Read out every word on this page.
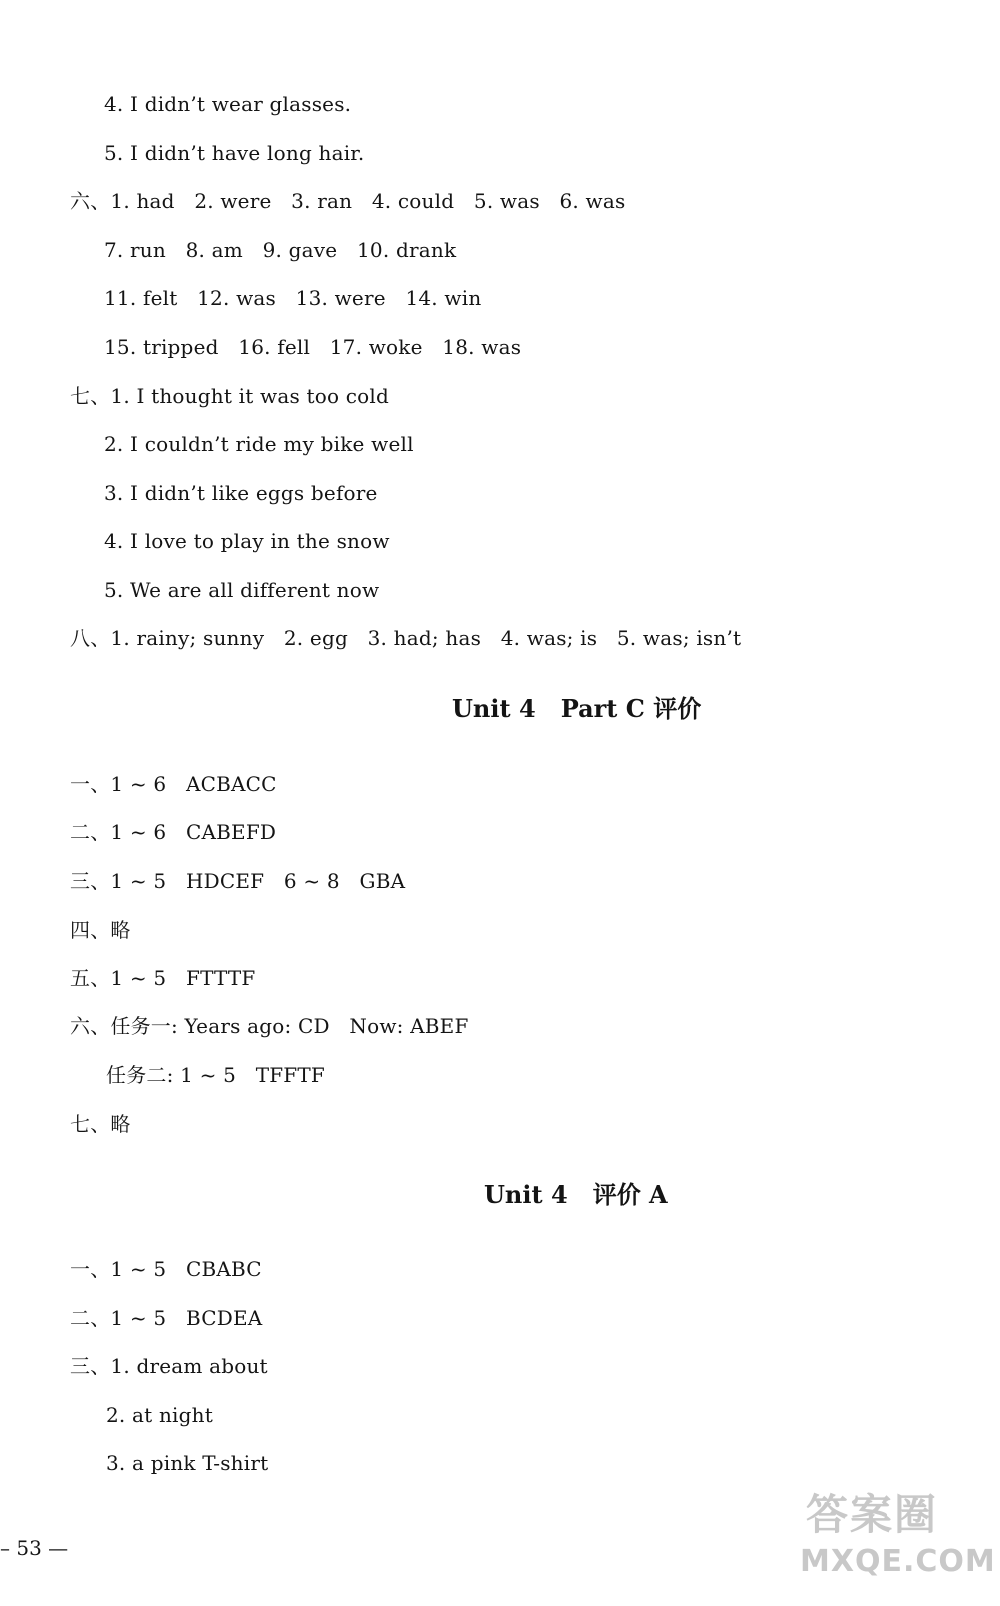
4. I didn’t wear glasses.
5. I didn’t have long hair.
六、1. had   2. were   3. ran   4. could   5. was   6. was
7. run   8. am   9. gave   10. drank
11. felt   12. was   13. were   14. win
15. tripped   16. fell   17. woke   18. was
七、1. I thought it was too cold
2. I couldn’t ride my bike well
3. I didn’t like eggs before
4. I love to play in the snow
5. We are all different now
八、1. rainy; sunny   2. egg   3. had; has   4. was; is   5. was; isn’t
Unit 4   Part C 评价
一、1 ~ 6   ACBACC
二、1 ~ 6   CABEFD
三、1 ~ 5   HDCEF   6 ~ 8   GBA
四、略
五、1 ~ 5   FTTTF
六、任务一: Years ago: CD   Now: ABEF
任务二: 1 ~ 5   TFFTF
七、略
Unit 4   评价 A
一、1 ~ 5   CBABC
二、1 ~ 5   BCDEA
三、1. dream about
2. at night
3. a pink T-shirt
– 53 —
答案圈
MXQE.COM
